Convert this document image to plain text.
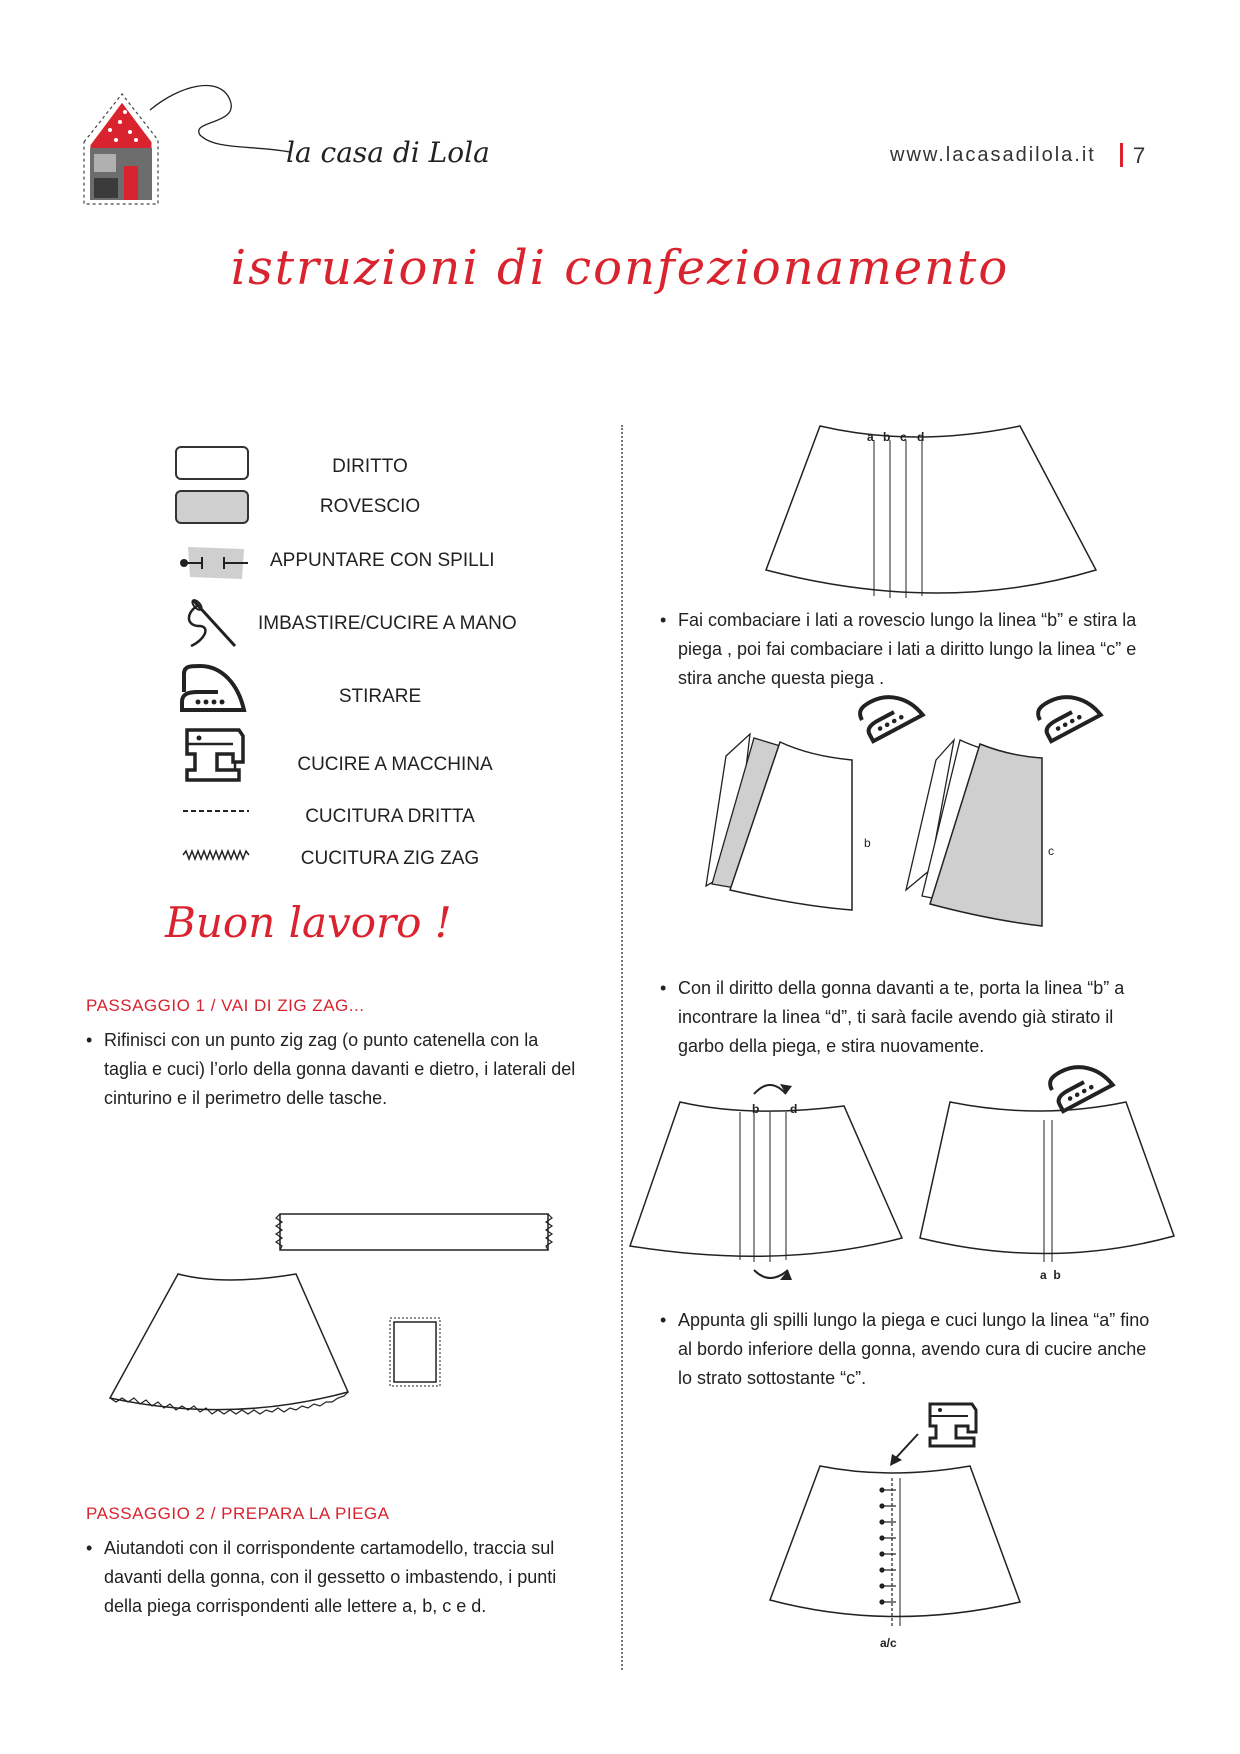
la casa di Lola	www.lacasadilola.it 7
istruzioni di confezionamento
DIRITTO
ROVESCIO
APPUNTARE CON SPILLI
IMBASTIRE/CUCIRE A MANO
STIRARE
CUCIRE A MACCHINA
CUCITURA DRITTA
CUCITURA ZIG ZAG
Buon lavoro !
PASSAGGIO 1 / VAI DI ZIG ZAG...
• Rifinisci con un punto zig zag (o punto catenella con la taglia e cuci) l’orlo della gonna davanti e dietro, i laterali del cinturino e il perimetro delle tasche.
PASSAGGIO 2 / PREPARA LA PIEGA
• Aiutandoti con il corrispondente cartamodello, traccia sul davanti della gonna, con il gessetto o imbastendo, i punti della piega corrispondenti alle lettere a, b, c e d.
a b c d
• Fai combaciare i lati a rovescio lungo la linea “b” e stira la piega , poi fai combaciare i lati a diritto lungo la linea “c” e stira anche questa piega .
b
c
• Con il diritto della gonna davanti a te, porta la linea “b” a incontrare la linea “d”, ti sarà facile avendo già stirato il garbo della piega, e stira nuovamente.
b	d
a  b
• Appunta gli spilli lungo la piega e cuci lungo la linea “a” fino al bordo inferiore della gonna, avendo cura di cucire anche lo strato sottostante “c”.
a/c
